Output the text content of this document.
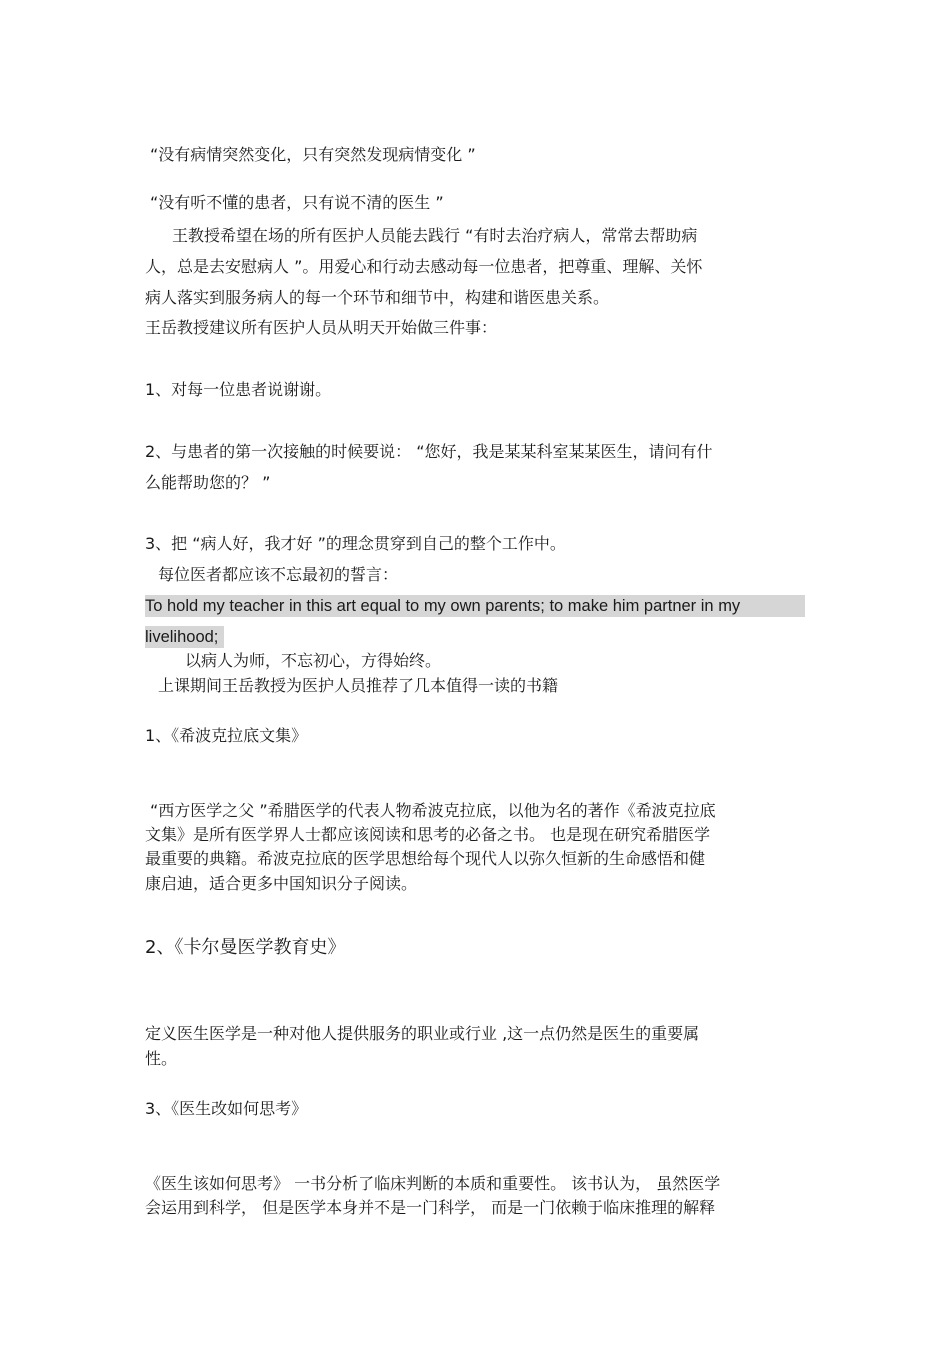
“没有病情突然变化，只有突然发现病情变化 ”
“没有听不懂的患者，只有说不清的医生 ”
王教授希望在场的所有医护人员能去践行 “有时去治疗病人，常常去帮助病
人，总是去安慰病人 ”。用爱心和行动去感动每一位患者，把尊重、理解、关怀
病人落实到服务病人的每一个环节和细节中，构建和谐医患关系。
王岳教授建议所有医护人员从明天开始做三件事：
1、对每一位患者说谢谢。
2、与患者的第一次接触的时候要说： “您好，我是某某科室某某医生，请问有什
么能帮助您的？ ”
3、把 “病人好，我才好 ”的理念贯穿到自己的整个工作中。
每位医者都应该不忘最初的誓言：
To hold my teacher in this art equal to my own parents; to make him partner in my
livelihood;
以病人为师，不忘初心，方得始终。
上课期间王岳教授为医护人员推荐了几本值得一读的书籍
1、《希波克拉底文集》
“西方医学之父 ”希腊医学的代表人物希波克拉底，以他为名的著作《希波克拉底
文集》是所有医学界人士都应该阅读和思考的必备之书。 也是现在研究希腊医学
最重要的典籍。希波克拉底的医学思想给每个现代人以弥久恒新的生命感悟和健
康启迪，适合更多中国知识分子阅读。
2、《卡尔曼医学教育史》
定义医生医学是一种对他人提供服务的职业或行业 ,这一点仍然是医生的重要属
性。
3、《医生改如何思考》
《医生该如何思考》 一书分析了临床判断的本质和重要性。 该书认为， 虽然医学
会运用到科学， 但是医学本身并不是一门科学， 而是一门依赖于临床推理的解释
